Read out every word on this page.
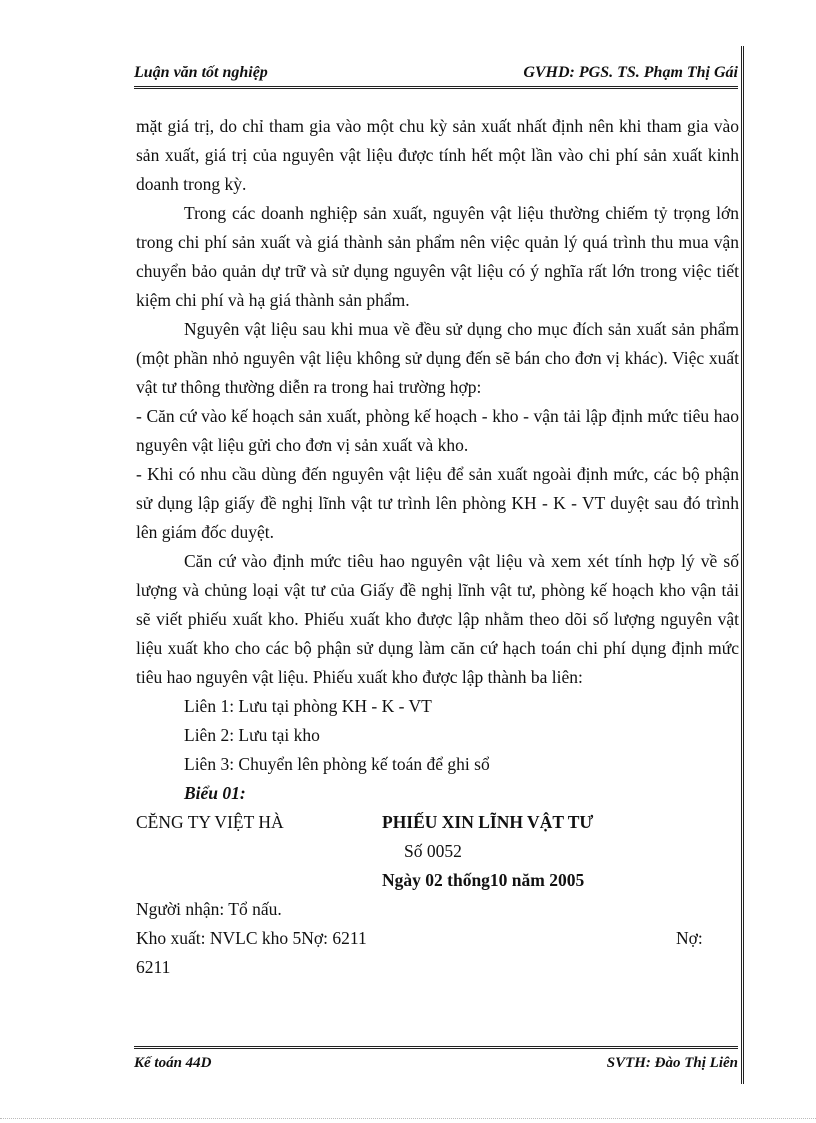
Luận văn tốt nghiệp	GVHD: PGS. TS. Phạm Thị Gái

mặt giá trị, do chỉ tham gia vào một chu kỳ sản xuất nhất định nên khi tham gia vào sản xuất, giá trị của nguyên vật liệu được tính hết một lần vào chi phí sản xuất kinh doanh trong kỳ.

Trong các doanh nghiệp sản xuất, nguyên vật liệu thường chiếm tỷ trọng lớn trong chi phí sản xuất và giá thành sản phẩm nên việc quản lý quá trình thu mua vận chuyển bảo quản dự trữ và sử dụng nguyên vật liệu có ý nghĩa rất lớn trong việc tiết kiệm chi phí và hạ giá thành sản phẩm.

Nguyên vật liệu sau khi mua về đều sử dụng cho mục đích sản xuất sản phẩm (một phần nhỏ nguyên vật liệu không sử dụng đến sẽ bán cho đơn vị khác). Việc xuất vật tư thông thường diễn ra trong hai trường hợp:

- Căn cứ vào kế hoạch sản xuất, phòng kế hoạch - kho - vận tải lập định mức tiêu hao nguyên vật liệu gửi cho đơn vị sản xuất và kho.

- Khi có nhu cầu dùng đến nguyên vật liệu để sản xuất ngoài định mức, các bộ phận sử dụng lập giấy đề nghị lĩnh vật tư trình lên phòng KH - K - VT duyệt sau đó trình lên giám đốc duyệt.

Căn cứ vào định mức tiêu hao nguyên vật liệu và xem xét tính hợp lý về số lượng và chủng loại vật tư của Giấy đề nghị lĩnh vật tư, phòng kế hoạch kho vận tải sẽ viết phiếu xuất kho. Phiếu xuất kho được lập nhằm theo dõi số lượng nguyên vật liệu xuất kho cho các bộ phận sử dụng làm căn cứ hạch toán chi phí dụng định mức tiêu hao nguyên vật liệu. Phiếu xuất kho được lập thành ba liên:

Liên 1: Lưu tại phòng KH - K - VT

Liên 2: Lưu tại kho

Liên 3: Chuyển lên phòng kế toán để ghi sổ

Biểu 01:

CĔNG TY VIỆT HÀ	PHIẾU XIN LĨNH VẬT TƯ
Số 0052
Ngày 02 thống10 năm 2005
Người nhận: Tổ nấu.
Kho xuất: NVLC kho 5Nợ: 6211	Nợ:
6211
Kế toán 44D	SVTH: Đào Thị Liên
